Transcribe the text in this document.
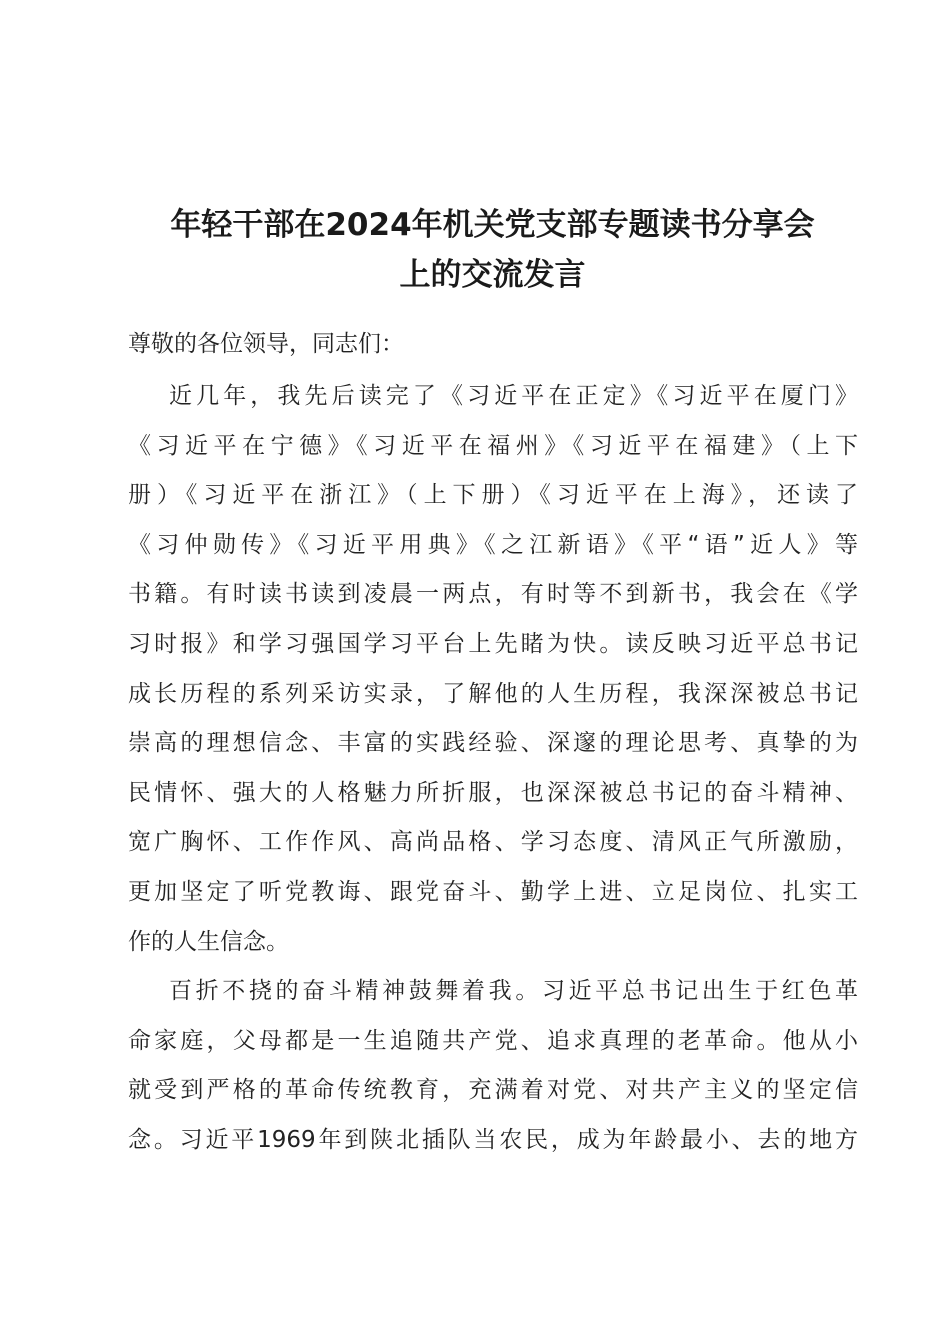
年轻干部在2024年机关党支部专题读书分享会
上的交流发言

尊敬的各位领导，同志们：

近几年，我先后读完了《习近平在正定》《习近平在厦门》
《习近平在宁德》《习近平在福州》《习近平在福建》（上下
册）《习近平在浙江》（上下册）《习近平在上海》，还读了
《习仲勋传》《习近平用典》《之江新语》《平“语”近人》等
书籍。有时读书读到凌晨一两点，有时等不到新书，我会在《学
习时报》和学习强国学习平台上先睹为快。读反映习近平总书记
成长历程的系列采访实录，了解他的人生历程，我深深被总书记
崇高的理想信念、丰富的实践经验、深邃的理论思考、真挚的为
民情怀、强大的人格魅力所折服，也深深被总书记的奋斗精神、
宽广胸怀、工作作风、高尚品格、学习态度、清风正气所激励，
更加坚定了听党教诲、跟党奋斗、勤学上进、立足岗位、扎实工
作的人生信念。

百折不挠的奋斗精神鼓舞着我。习近平总书记出生于红色革
命家庭，父母都是一生追随共产党、追求真理的老革命。他从小
就受到严格的革命传统教育，充满着对党、对共产主义的坚定信
念。习近平1969年到陕北插队当农民，成为年龄最小、去的地方
